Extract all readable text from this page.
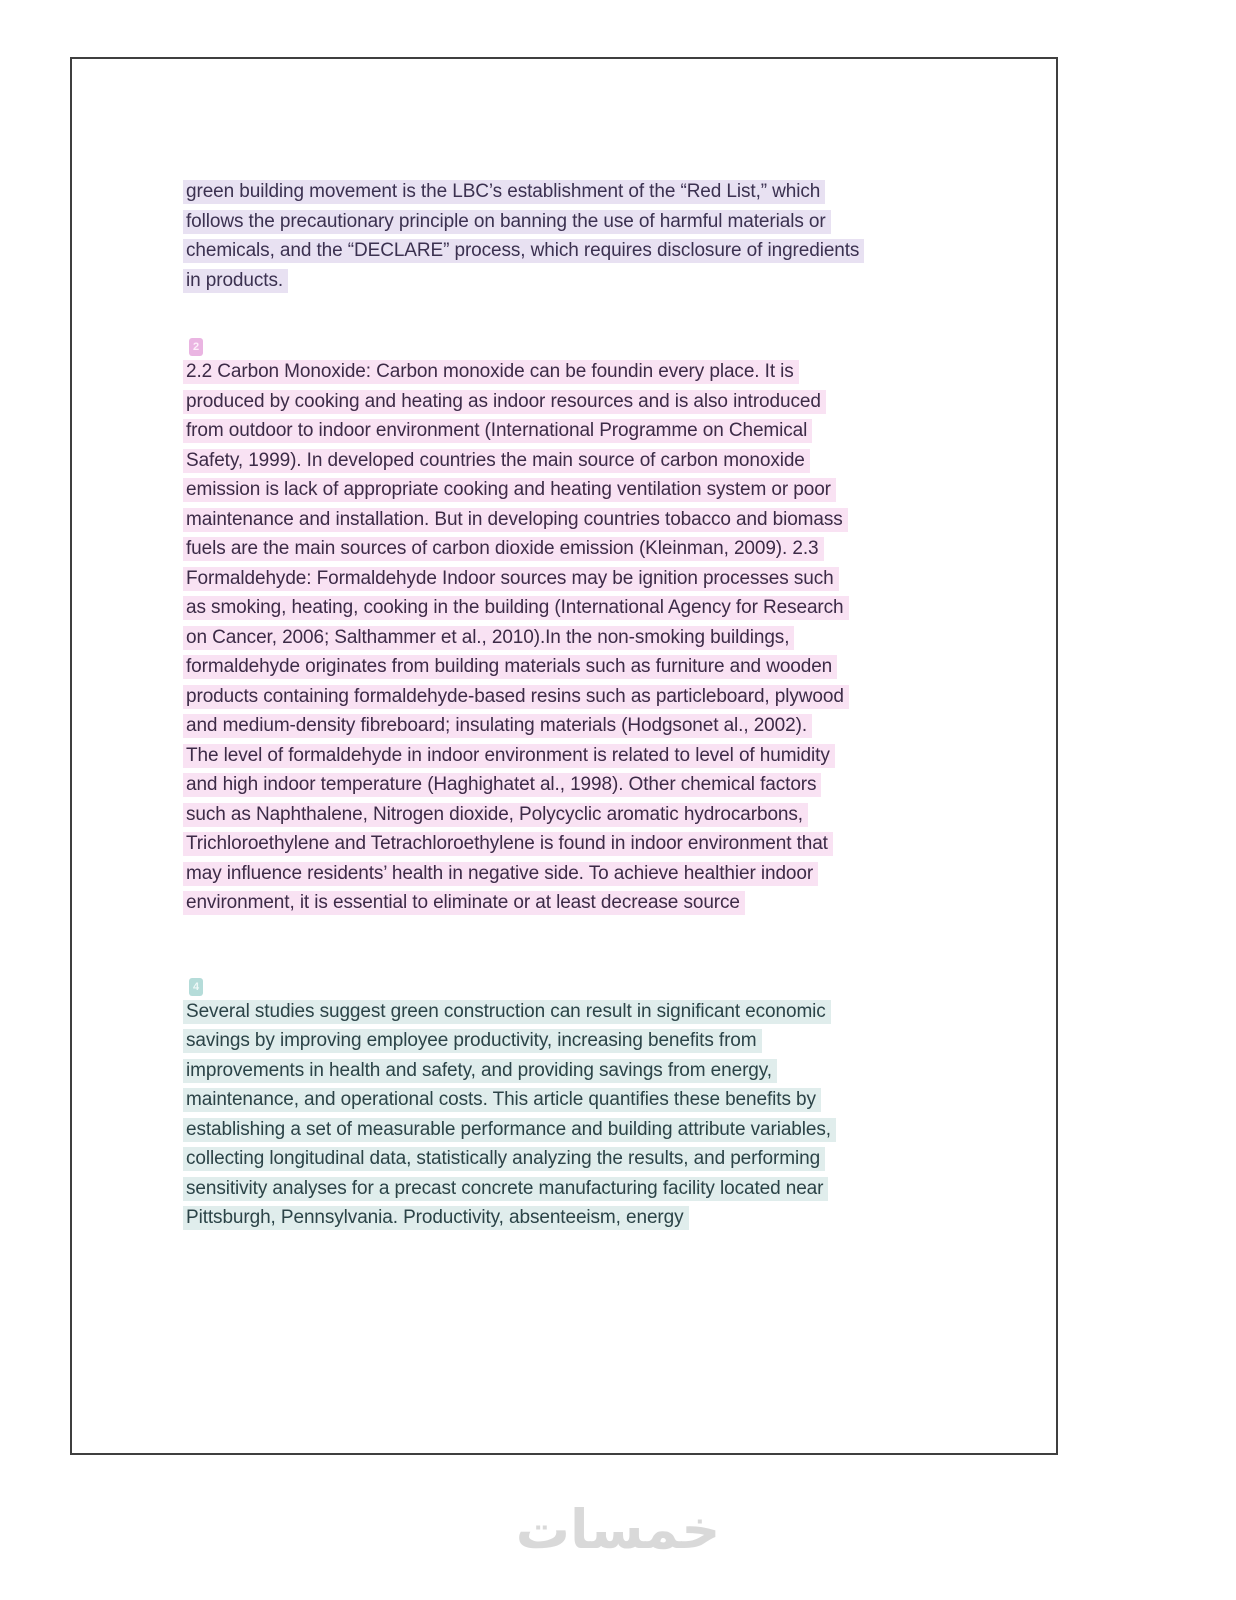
green building movement is the LBC’s establishment of the “Red List,” which
follows the precautionary principle on banning the use of harmful materials or
chemicals, and the “DECLARE” process, which requires disclosure of ingredients
in products.

2

2.2 Carbon Monoxide: Carbon monoxide can be foundin every place. It is
produced by cooking and heating as indoor resources and is also introduced
from outdoor to indoor environment (International Programme on Chemical
Safety, 1999). In developed countries the main source of carbon monoxide
emission is lack of appropriate cooking and heating ventilation system or poor
maintenance and installation. But in developing countries tobacco and biomass
fuels are the main sources of carbon dioxide emission (Kleinman, 2009). 2.3
Formaldehyde: Formaldehyde Indoor sources may be ignition processes such
as smoking, heating, cooking in the building (International Agency for Research
on Cancer, 2006; Salthammer et al., 2010).In the non-smoking buildings,
formaldehyde originates from building materials such as furniture and wooden
products containing formaldehyde-based resins such as particleboard, plywood
and medium-density fibreboard; insulating materials (Hodgsonet al., 2002).
The level of formaldehyde in indoor environment is related to level of humidity
and high indoor temperature (Haghighatet al., 1998). Other chemical factors
such as Naphthalene, Nitrogen dioxide, Polycyclic aromatic hydrocarbons,
Trichloroethylene and Tetrachloroethylene is found in indoor environment that
may influence residents’ health in negative side. To achieve healthier indoor
environment, it is essential to eliminate or at least decrease source

4

Several studies suggest green construction can result in significant economic
savings by improving employee productivity, increasing benefits from
improvements in health and safety, and providing savings from energy,
maintenance, and operational costs. This article quantifies these benefits by
establishing a set of measurable performance and building attribute variables,
collecting longitudinal data, statistically analyzing the results, and performing
sensitivity analyses for a precast concrete manufacturing facility located near
Pittsburgh, Pennsylvania. Productivity, absenteeism, energy

خمسات
